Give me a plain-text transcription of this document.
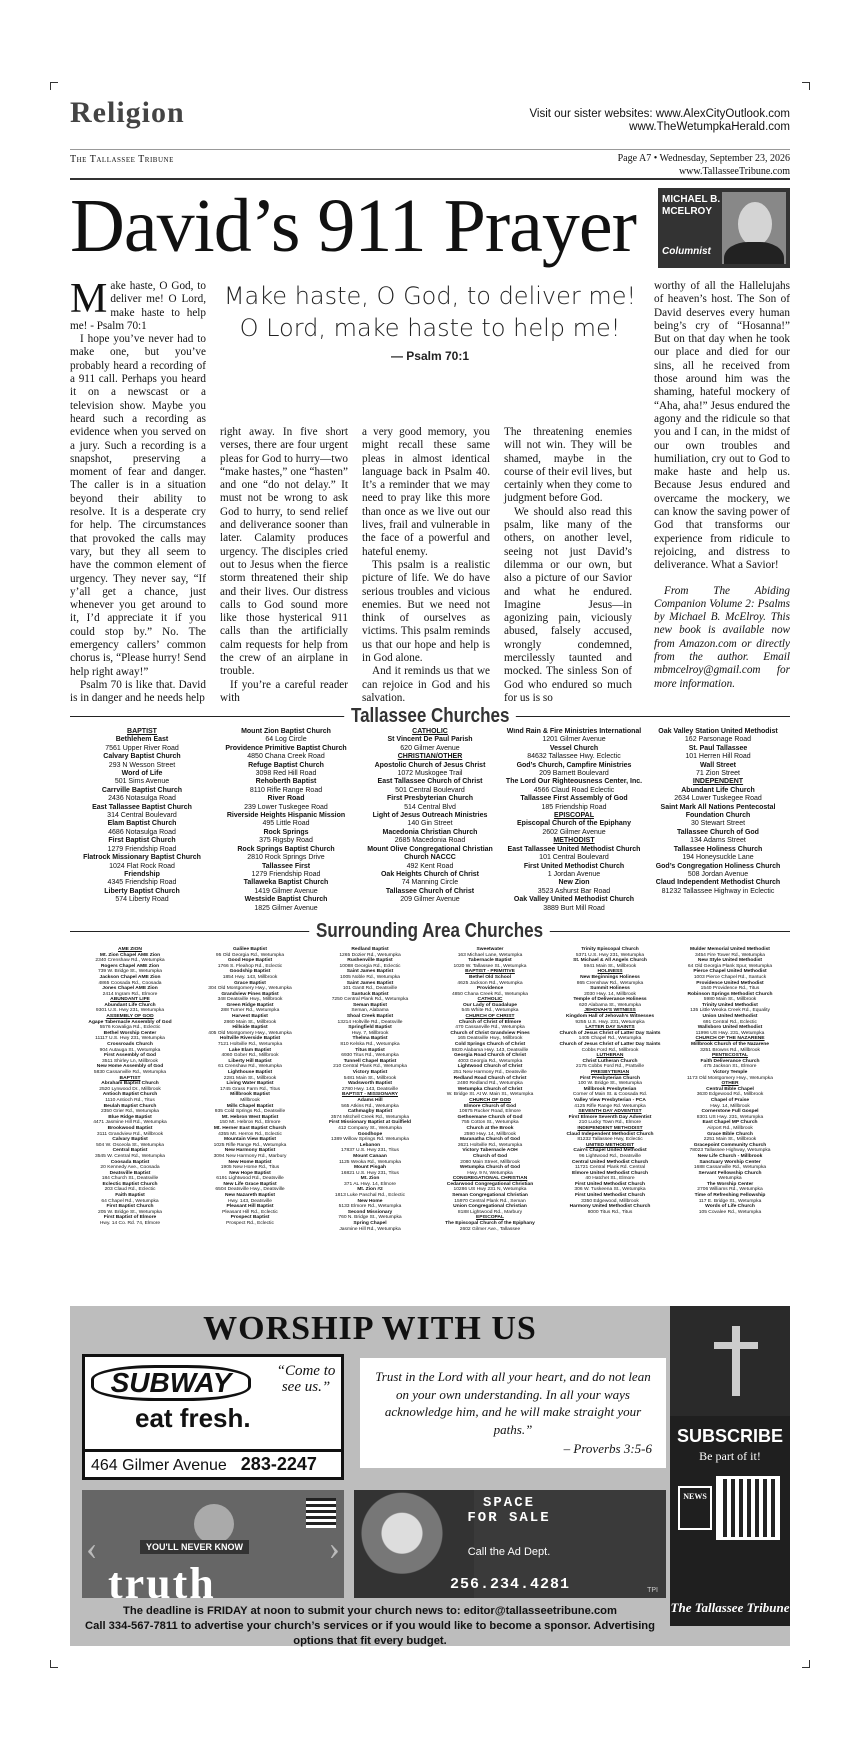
Religion	Visit our sister websites: www.AlexCityOutlook.com
www.TheWetumpkaHerald.com
The Tallassee Tribune	Page A7 • Wednesday, September 23, 2026
www.TallasseeTribune.com
David’s 911 Prayer	MICHAEL B. MCELROY
Columnist

Make haste, O God, to deliver me! O Lord, make haste to help me! - Psalm 70:1

I hope you’ve never had to make one, but you’ve probably heard a recording of a 911 call. Perhaps you heard it on a newscast or a television show. Maybe you heard such a recording as evidence when you served on a jury. Such a recording is a snapshot, preserving a moment of fear and danger. The caller is in a situation beyond their ability to resolve. It is a desperate cry for help. The circumstances that provoked the calls may vary, but they all seem to have the common element of urgency. They never say, “If y’all get a chance, just whenever you get around to it, I’d appreciate it if you could stop by.” No. The emergency callers’ common chorus is, “Please hurry! Send help right away!”

Psalm 70 is like that. David is in danger and he needs help

Make haste, O God, to deliver me! O Lord, make haste to help me!
— Psalm 70:1

right away. In five short verses, there are four urgent pleas for God to hurry—two “make hastes,” one “hasten” and one “do not delay.” It must not be wrong to ask God to hurry, to send relief and deliverance sooner than later. Calamity produces urgency. The disciples cried out to Jesus when the fierce storm threatened their ship and their lives. Our distress calls to God sound more like those hysterical 911 calls than the artificially calm requests for help from the crew of an airplane in trouble.

If you’re a careful reader with

a very good memory, you might recall these same pleas in almost identical language back in Psalm 40. It’s a reminder that we may need to pray like this more than once as we live out our lives, frail and vulnerable in the face of a powerful and hateful enemy.

This psalm is a realistic picture of life. We do have serious troubles and vicious enemies. But we need not think of ourselves as victims. This psalm reminds us that our hope and help is in God alone.

And it reminds us that we can rejoice in God and his salvation.

The threatening enemies will not win. They will be shamed, maybe in the course of their evil lives, but certainly when they come to judgment before God.

We should also read this psalm, like many of the others, on another level, seeing not just David’s dilemma or our own, but also a picture of our Savior and what he endured. Imagine Jesus—in agonizing pain, viciously abused, falsely accused, wrongly condemned, mercilessly taunted and mocked. The sinless Son of God who endured so much for us is so

worthy of all the Hallelujahs of heaven’s host. The Son of David deserves every human being’s cry of “Hosanna!” But on that day when he took our place and died for our sins, all he received from those around him was the shaming, hateful mockery of “Aha, aha!” Jesus endured the agony and the ridicule so that you and I can, in the midst of our own troubles and humiliation, cry out to God to make haste and help us. Because Jesus endured and overcame the mockery, we can know the saving power of God that transforms our experience from ridicule to rejoicing, and distress to deliverance. What a Savior!

From The Abiding Companion Volume 2: Psalms by Michael B. McElroy. This new book is available now from Amazon.com or directly from the author. Email mbmcelroy@gmail.com for more information.

Tallassee Churches
BAPTIST
Bethlehem East
7561 Upper River Road
Calvary Baptist Church
293 N Wesson Street
Word of Life
501 Sims Avenue
Carrville Baptist Church
2436 Notasulga Road
East Tallassee Baptist Church
314 Central Boulevard
Elam Baptist Church
4686 Notasulga Road
First Baptist Church
1279 Friendship Road
Flatrock Missionary Baptist Church
1024 Flat Rock Road
Friendship
4345 Friendship Road
Liberty Baptist Church
574 Liberty Road
Mount Zion Baptist Church
64 Log Circle
Providence Primitive Baptist Church
4850 Chana Creek Road
Refuge Baptist Church
3098 Red Hill Road
Rehoberth Baptist
8110 Rifle Range Road
River Road
239 Lower Tuskegee Road
Riverside Heights Hispanic Mission
495 Little Road
Rock Springs
375 Rigsby Road
Rock Springs Baptist Church
2810 Rock Springs Drive
Tallassee First
1279 Friendship Road
Tallaweka Baptist Church
1419 Gilmer Avenue
Westside Baptist Church
1825 Gilmer Avenue
CATHOLIC
St Vincent De Paul Parish
620 Gilmer Avenue
CHRISTIAN/OTHER
Apostolic Church of Jesus Christ
1072 Muskogee Trail
East Tallassee Church of Christ
501 Central Boulevard
First Presbyterian Church
514 Central Blvd
Light of Jesus Outreach Ministries
140 Gin Street
Macedonia Christian Church
2685 Macedonia Road
Mount Olive Congregational Christian
Church NACCC
492 Kent Road
Oak Heights Church of Christ
74 Manning Circle
Tallassee Church of Christ
209 Gilmer Avenue
Wind Rain & Fire Ministries International
1201 Gilmer Avenue
Vessel Church
84632 Tallassee Hwy. Eclectic
God’s Church, Campfire Ministries
209 Barnett Boulevard
The Lord Our Righteousness Center, Inc.
4566 Claud Road Eclectic
Tallassee First Assembly of God
185 Friendship Road
EPISCOPAL
Episcopal Church of the Epiphany
2602 Gilmer Avenue
METHODIST
East Tallassee United Methodist Church
101 Central Boulevard
First United Methodist Church
1 Jordan Avenue
New Zion
3523 Ashurst Bar Road
Oak Valley United Methodist Church
3889 Burt Mill Road
Oak Valley Station United Methodist
162 Parsonage Road
St. Paul Tallassee
101 Herren Hill Road
Wall Street
71 Zion Street
INDEPENDENT
Abundant Life Church
2634 Lower Tuskegee Road
Saint Mark All Nations Pentecostal
Foundation Church
30 Stewart Street
Tallassee Church of God
134 Adams Street
Tallassee Holiness Church
194 Honeysuckle Lane
God’s Congregation Holiness Church
508 Jordan Avenue
Claud Independent Methodist Church
81232 Tallassee Highway in Eclectic
Surrounding Area Churches
AME ZION
Mt. Zion Chapel AME Zion
2340 Crenshaw Rd., Wetumpka
Rogers Chapel AME Zion
739 W. Bridge St., Wetumpka
Jackson Chapel AME Zion
4865 Coosada Rd., Coosada
Jones Chapel AME Zion
2414 Ingram Rd., Elmore
ABUNDANT LIFE
Abundant Life Church
9301 U.S. Hwy 231, Wetumpka
ASSEMBLY OF GOD
Agape Tabernacle Assembly of God
5576 Kowaliga Rd., Eclectic
Bethel Worship Center
11117 U.S. Hwy 231, Wetumpka
Crossroads Church
904 Autauga St., Wetumpka
First Assembly of God
3511 Shirley Ln, Millbrook
New Home Assembly of God
5830 Cassanville Rd., Wetumpka
BAPTIST
Abraham Baptist Church
2520 Lynwood Dr., Millbrook
Antioch Baptist Church
1110 Antioch Rd., Titus
Beulah Baptist Church
2350 Grier Rd., Wetumpka
Blue Ridge Baptist
4471 Jasmine Hill Rd., Wetumpka
Brookwood Baptist
3111 Grandview Rd., Millbrook
Calvary Baptist
504 W. Osceola St., Wetumpka
Central Baptist
3545 W. Central Rd., Wetumpka
Coosada Baptist
20 Kennedy Ave., Coosada
Deatsville Baptist
184 Church St., Deatsville
Eclectic Baptist Church
203 Claud Rd., Eclectic
Faith Baptist
64 Chapel Rd., Wetumpka
First Baptist Church
205 W. Bridge St., Wetumpka
First Baptist of Elmore
Hwy. 14 Co. Rd. 74, Elmore
Galilee Baptist
95 Old Georgia Rd., Wetumpka
Good Hope Baptist
1766 S. Fleahop Rd., Eclectic
Goodship Baptist
1854 Hwy. 143, Millbrook
Grace Baptist
304 Old Montgomery Hwy., Wetumpka
Grandview Pines Baptist
348 Deatsville Hwy., Millbrook
Green Ridge Baptist
288 Turner Rd., Wetumpka
Harvest Baptist
2860 Main St., Millbrook
Hillside Baptist
405 Old Montgomery Hwy., Wetumpka
Holtville Riverside Baptist
7121 Holtville Rd., Wetumpka
Lake Elam Baptist
4060 Gober Rd., Millbrook
Liberty Hill Baptist
61 Crenshaw Rd., Wetumpka
Lighthouse Baptist
2281 Main St., Millbrook
Living Water Baptist
1745 Grass Farm Rd., Titus
Millbrook Baptist
Millbrook
Mills Chapel Baptist
935 Cold Springs Rd., Deatsville
Mt. Hebron West Baptist
150 Mt. Hebron Rd., Elmore
Mt. Herner East Baptist Church
4355 Mt. Herron Rd., Eclectic
Mountain View Baptist
1025 Rifle Range Rd., Wetumpka
New Harmony Baptist
3094 New Harmony Rd., Marbury
New Home Baptist
1905 New Home Rd., Titus
New Hope Baptist
6191 Lightwood Rd., Deatsville
New Life Grace Baptist
6504 Deatsville Hwy., Deatsville
New Nazareth Baptist
Hwy. 143, Deatsville
Pleasant Hill Baptist
Pleasant Hill Rd., Eclectic
Prospect Baptist
Prospect Rd., Eclectic
Redland Baptist
1265 Dozier Rd., Wetumpka
Rushenville Baptist
10088 Georgia Rd., Eclectic
Saint James Baptist
1005 Noble Rd., Wetumpka
Saint James Baptist
101 Gantt Rd., Deatsville
Santuck Baptist
7250 Central Plank Rd., Wetumpka
Seman Baptist
Seman, Alabama
Shoal Creek Baptist
13214 Holtville Rd., Deatsville
Springfield Baptist
Hwy. 7, Millbrook
Thelma Baptist
810 Kelska Rd., Wetumpka
Titus Baptist
6930 Titus Rd., Wetumpka
Tunnell Chapel Baptist
210 Central Plank Rd., Wetumpka
Victory Baptist
5481 Main St., Millbrook
Wadsworth Baptist
2780 Hwy. 143, Deatsville
BAPTIST - MISSIONARY
Adams Hill
565 Atkins Rd., Wetumpka
Cathmagby Baptist
3574 Mitchell Creek Rd., Wetumpka
First Missionary Baptist at Guilfield
412 Company St., Wetumpka
Goodhope
1389 Willow Springs Rd. Wetumpka
Lebanon
17837 U.S. Hwy 231, Titus
Mount Canaan
1125 Weoka Rd., Wetumpka
Mount Pisgah
16821 U.S. Hwy 231, Titus
Mt. Zion
371 AL Hwy. 14, Elmore
Mt. Zion #2
1813 Luke Paschal Rd., Eclectic
New Home
5133 Elmore Rd., Wetumpka
Second Missionary
760 N. Bridge St., Wetumpka
Spring Chapel
Jasmine Hill Rd., Wetumpka
Sweetwater
163 Michael Lane, Wetumpka
Tabernacle Baptist
1020 W. Tallassee St., Wetumpka
BAPTIST - PRIMITIVE
Bethel Old School
4625 Jackson Rd., Wetumpka
Providence
4850 Chana Creek Rd., Wetumpka
CATHOLIC
Our Lady of Guadalupe
545 White Rd., Wetumpka
CHURCH OF CHRIST
Church of Christ of Elmore
470 Cassanville Rd., Wetumpka
Church of Christ Grandview Pines
165 Deatsville Hwy., Millbrook
Cold Springs Church of Christ
5920 Alabama Hwy. 143, Deatsville
Georgia Road Church of Christ
4003 Georgia Rd., Wetumpka
Lightwood Church of Christ
251 New Harmony Rd., Deatsville
Redland Road Church of Christ
2480 Redland Rd., Wetumpka
Wetumpka Church of Christ
W. Bridge St. At W. Main St., Wetumpka
CHURCH OF GOD
Elmore Church of God
10675 Rucker Road, Elmore
Gethsemane Church of God
755 Cotton St., Wetumpka
Church at the Brook
2590 Hwy. 14, Millbrook
Maranatha Church of God
2621 Holtville Rd., Wetumpka
Victory Tabernacle AOH
Church of God
2080 Main Street, Millbrook
Wetumpka Church of God
Hwy. 9 N, Wetumpka
CONGREGATIONAL CHRISTIAN
Cedarwood Congregational Christian
10286 US Hwy 231 N, Wetumpka
Seman Congregational Christian
15970 Central Plank Rd., Seman
Union Congregational Christian
8188 Lightwood Rd., Marbury
EPISCOPAL
The Episcopal Church of the Epiphany
2602 Gilmer Ave., Tallassee
Trinity Episcopal Church
5371 U.S. Hwy 231, Wetumpka
St. Michael & All Angels Church
5941 Main St., Millbrook
HOLINESS
New Beginnings Holiness
865 Crenshaw Rd., Wetumpka
Summit Holiness
2030 Hwy. 14, Millbrook
Temple of Deliverance Holiness
620 Alabama St., Wetumpka
JEHOVAH’S WITNESS
Kingdom Hall of Jehovah’s Witnesses
9255 U.S. Hwy. 231, Wetumpka
LATTER DAY SAINTS
Church of Jesus Christ of Latter Day Saints
1405 Chapel Rd., Wetumpka
Church of Jesus Christ of Latter Day Saints
Cobbs Ford Rd., Millbrook
LUTHERAN
Christ Lutheran Church
2175 Cobbs Ford Rd., Prattville
PRESBYTERIAN
First Presbyterian Church
100 W. Bridge St., Wetumpka
Millbrook Presbyterian
Corner of Main St. & Coosada Rd.
Valley View Presbyterian - PCA
4125 Rifle Range Rd. Wetumpka
SEVENTH DAY ADVENTIST
First Elmore Seventh Day Adventist
210 Lucky Town Rd., Elmore
INDEPENDENT METHODIST
Claud Independent Methodist Church
81232 Tallassee Hwy, Eclectic
UNITED METHODIST
Cain’s Chapel United Methodist
96 Lightwood Rd., Deatsville
Central United Methodist Church
11721 Central Plank Rd. Central
Elmore United Methodist Church
40 Hatchet St., Elmore
First United Methodist Church
306 W. Tuskeena St., Wetumpka
First United Methodist Church
3350 Edgewood, Millbrook
Harmony United Methodist Church
8000 Titus Rd., Titus
Mulder Memorial United Methodist
3454 Fire Tower Rd., Wetumpka
New Style United Methodist
64 Old Georgia Plank Spur, Wetumpka
Pierce Chapel United Methodist
1003 Pierce Chapel Rd., Santuck
Providence United Methodist
1540 Providence Rd., Titus
Robinson Springs Methodist Church
5980 Main St., Millbrook
Trinity United Methodist
135 Little Weoka Creek Rd., Equality
Union United Methodist
691 Central Rd., Eclectic
Wallsboro United Methodist
11996 US Hwy. 231, Wetumpka
CHURCH OF THE NAZARENE
Millbrook Church of the Nazarene
3251 Browns Rd., Millbrook
PENTECOSTAL
Faith Deliverance Church
475 Jackson St., Elmore
Victory Temple
1173 Old Montgomery Hwy., Wetumpka
OTHER
Central Bible Chapel
3630 Edgewood Rd., Millbrook
Chapel of Praise
Hwy. 14, Millbrook
Cornerstone Full Gospel
8301 US Hwy. 231, Wetumpka
East Chapel MP Church
Airport Rd., Millbrook
Grace Bible Church
2251 Main St., Millbrook
Gracepoint Community Church
78023 Tallassee Highway, Wetumpka
New Life Church - Millbrook
Sanctuary Worship Center
1688 Cassanville Rd., Wetumpka
Servant Fellowship Church
Wetumpka
The Worship Center
2706 Williams Rd., Wetumpka
Time of Refreshing Fellowship
117 E. Bridge St., Wetumpka
Words of Life Church
105 Covalee Rd., Wetumpka
WORSHIP WITH US
SUBWAY
eat fresh.
“Come to see us.”
464 Gilmer Avenue 283-2247
Trust in the Lord with all your heart, and do not lean on your own understanding. In all your ways acknowledge him, and he will make straight your paths.”
– Proverbs 3:5-6
SUBSCRIBE
Be part of it!
NEWS
The Tallassee Tribune
‹	›
YOU'LL NEVER KNOW
truth
SPACE FOR SALE
Call the Ad Dept.
256.234.4281	TPI
The deadline is FRIDAY at noon to submit your church news to: editor@tallasseetribune.com
Call 334-567-7811 to advertise your church’s services or if you would like to become a sponsor. Advertising options that fit every budget.
